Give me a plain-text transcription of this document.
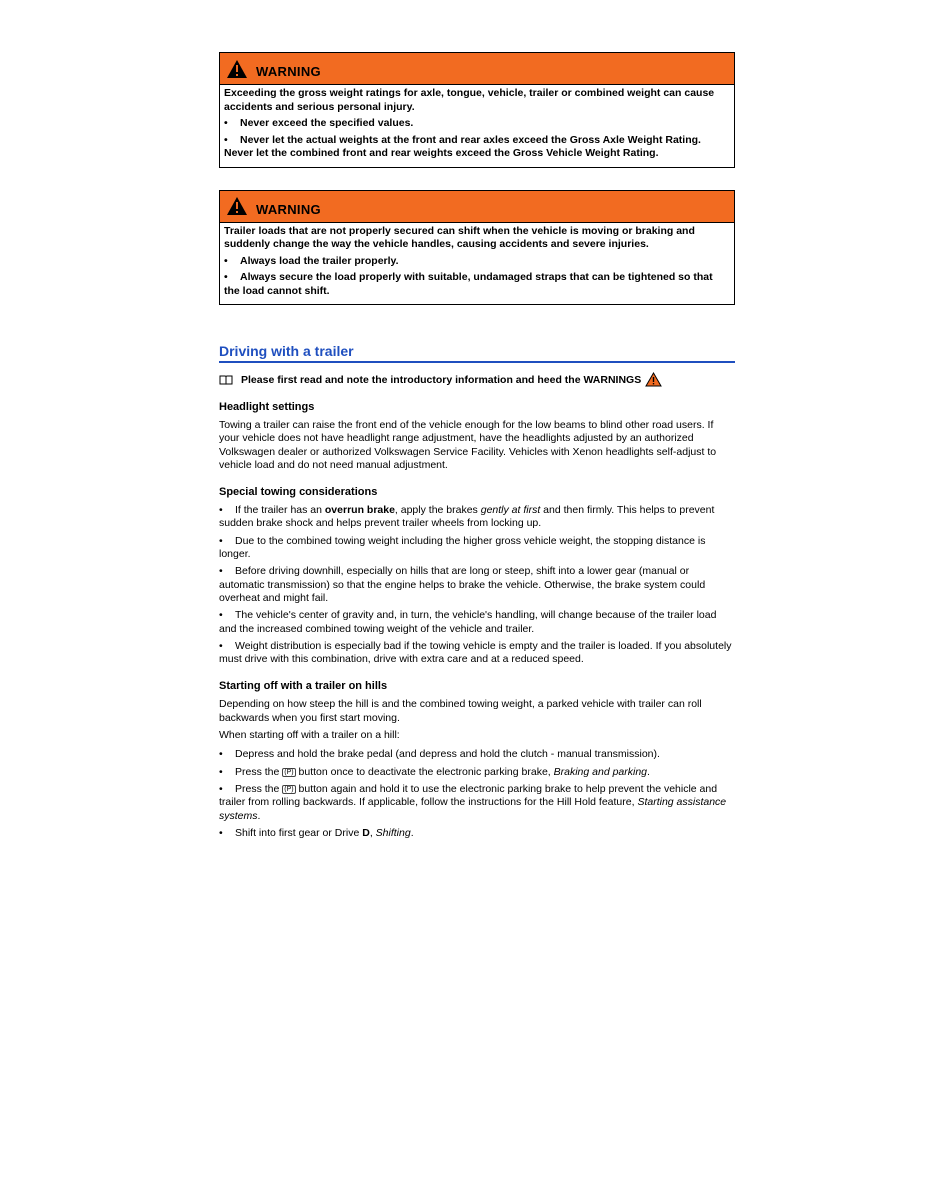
WARNING

Exceeding the gross weight ratings for axle, tongue, vehicle, trailer or combined weight can cause accidents and serious personal injury.

• Never exceed the specified values.

• Never let the actual weights at the front and rear axles exceed the Gross Axle Weight Rating. Never let the combined front and rear weights exceed the Gross Vehicle Weight Rating.

WARNING

Trailer loads that are not properly secured can shift when the vehicle is moving or braking and suddenly change the way the vehicle handles, causing accidents and severe injuries.

• Always load the trailer properly.

• Always secure the load properly with suitable, undamaged straps that can be tightened so that the load cannot shift.

Driving with a trailer
Please first read and note the introductory information and heed the WARNINGS
Headlight settings

Towing a trailer can raise the front end of the vehicle enough for the low beams to blind other road users. If your vehicle does not have headlight range adjustment, have the headlights adjusted by an authorized Volkswagen dealer or authorized Volkswagen Service Facility. Vehicles with Xenon headlights self-adjust to vehicle load and do not need manual adjustment.

Special towing considerations

• If the trailer has an overrun brake, apply the brakes gently at first and then firmly. This helps to prevent sudden brake shock and helps prevent trailer wheels from locking up.

• Due to the combined towing weight including the higher gross vehicle weight, the stopping distance is longer.

• Before driving downhill, especially on hills that are long or steep, shift into a lower gear (manual or automatic transmission) so that the engine helps to brake the vehicle. Otherwise, the brake system could overheat and might fail.

• The vehicle's center of gravity and, in turn, the vehicle's handling, will change because of the trailer load and the increased combined towing weight of the vehicle and trailer.

• Weight distribution is especially bad if the towing vehicle is empty and the trailer is loaded. If you absolutely must drive with this combination, drive with extra care and at a reduced speed.

Starting off with a trailer on hills

Depending on how steep the hill is and the combined towing weight, a parked vehicle with trailer can roll backwards when you first start moving.

When starting off with a trailer on a hill:

• Depress and hold the brake pedal (and depress and hold the clutch - manual transmission).

• Press the (P) button once to deactivate the electronic parking brake, Braking and parking.

• Press the (P) button again and hold it to use the electronic parking brake to help prevent the vehicle and trailer from rolling backwards. If applicable, follow the instructions for the Hill Hold feature, Starting assistance systems.

• Shift into first gear or Drive D, Shifting.
